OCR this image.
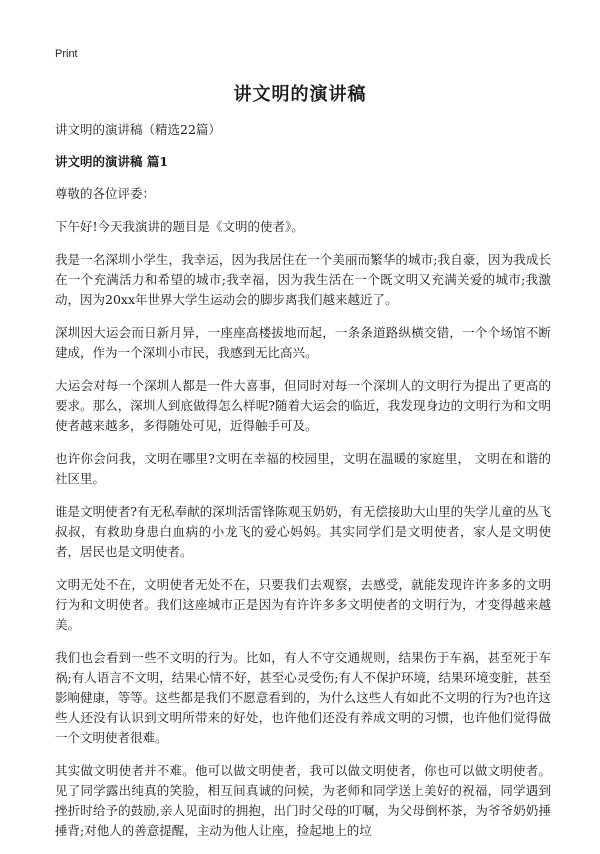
Print
讲文明的演讲稿

讲文明的演讲稿（精选22篇）

讲文明的演讲稿 篇1

尊敬的各位评委：

下午好!今天我演讲的题目是《文明的使者》。

我是一名深圳小学生，我幸运，因为我居住在一个美丽而繁华的城市;我自豪，因为我成长在一个充满活力和希望的城市;我幸福，因为我生活在一个既文明又充满关爱的城市;我激动，因为20xx年世界大学生运动会的脚步离我们越来越近了。

深圳因大运会而日新月异，一座座高楼拔地而起，一条条道路纵横交错，一个个场馆不断建成，作为一个深圳小市民，我感到无比高兴。

大运会对每一个深圳人都是一件大喜事，但同时对每一个深圳人的文明行为提出了更高的要求。那么，深圳人到底做得怎么样呢?随着大运会的临近，我发现身边的文明行为和文明使者越来越多，多得随处可见，近得触手可及。

也许你会问我，文明在哪里?文明在幸福的校园里，文明在温暖的家庭里， 文明在和谐的社区里。

谁是文明使者?有无私奉献的深圳活雷锋陈观玉奶奶，有无偿接助大山里的失学儿童的丛飞叔叔，有救助身患白血病的小龙飞的爱心妈妈。其实同学们是文明使者，家人是文明使者，居民也是文明使者。

文明无处不在，文明使者无处不在，只要我们去观察，去感受，就能发现许许多多的文明行为和文明使者。我们这座城市正是因为有许许多多文明使者的文明行为，才变得越来越美。

我们也会看到一些不文明的行为。比如，有人不守交通规则，结果伤于车祸，甚至死于车祸;有人语言不文明，结果心情不好，甚至心灵受伤;有人不保护环境，结果环境变脏，甚至影响健康，等等。这些都是我们不愿意看到的，为什么这些人有如此不文明的行为?也许这些人还没有认识到文明所带来的好处，也许他们还没有养成文明的习惯，也许他们觉得做一个文明使者很难。

其实做文明使者并不难。他可以做文明使者，我可以做文明使者，你也可以做文明使者。见了同学露出纯真的笑脸，相互间真诚的问候，为老师和同学送上美好的祝福，同学遇到挫折时给予的鼓励,亲人见面时的拥抱，出门时父母的叮嘱，为父母倒杯茶，为爷爷奶奶捶捶背;对他人的善意提醒，主动为他人让座，捡起地上的垃
